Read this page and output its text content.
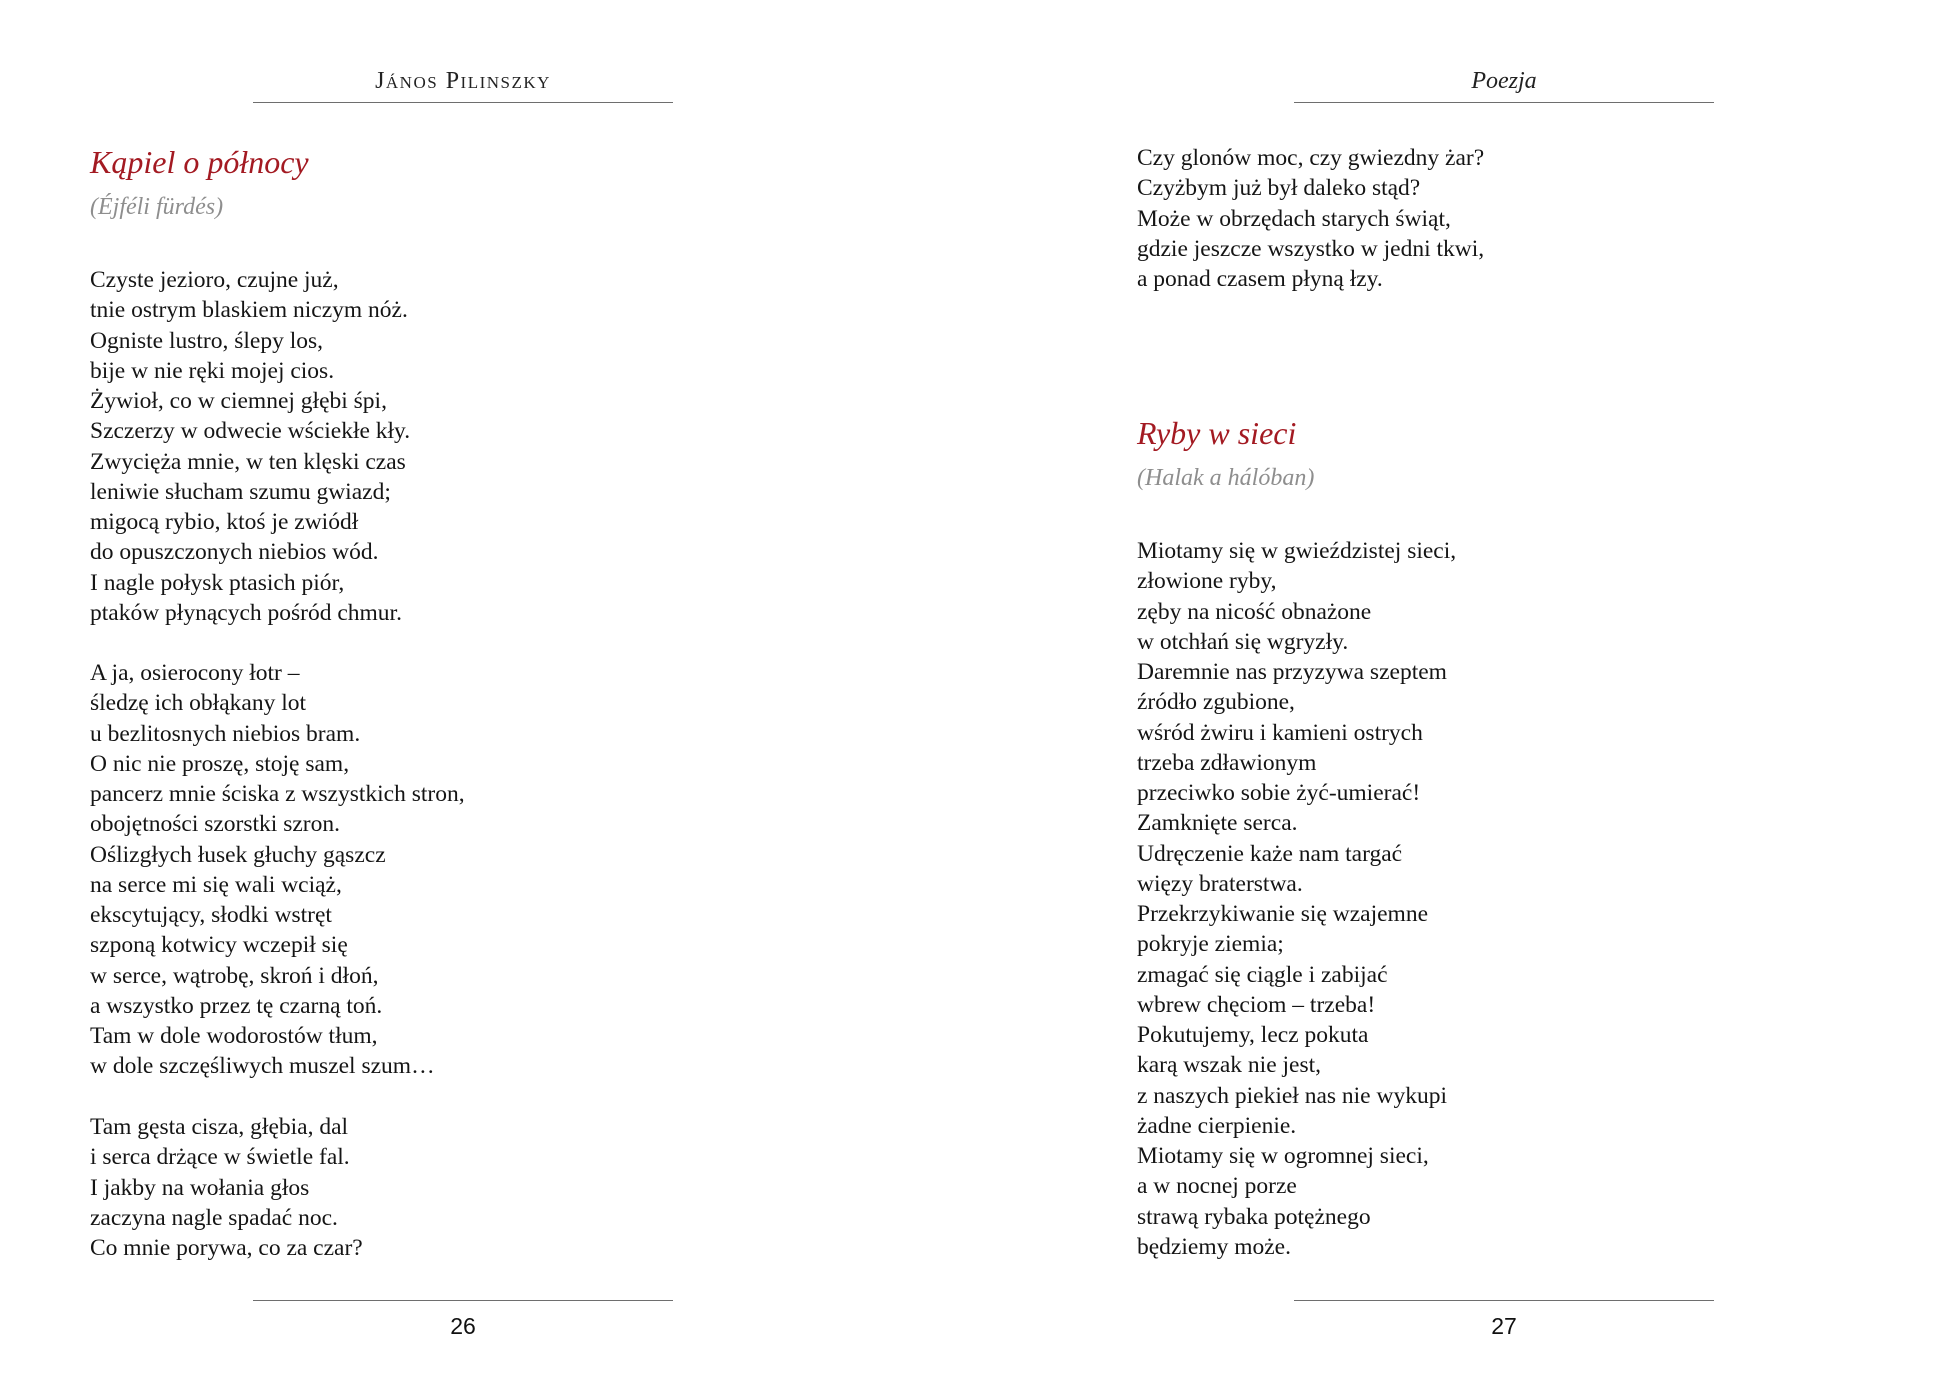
János Pilinszky
Kąpiel o północy
(Éjféli fürdés)
Czyste jezioro, czujne już,
tnie ostrym blaskiem niczym nóż.
Ogniste lustro, ślepy los,
bije w nie ręki mojej cios.
Żywioł, co w ciemnej głębi śpi,
Szczerzy w odwecie wściekłe kły.
Zwycięża mnie, w ten klęski czas
leniwie słucham szumu gwiazd;
migocą rybio, ktoś je zwiódł
do opuszczonych niebios wód.
I nagle połysk ptasich piór,
ptaków płynących pośród chmur.
A ja, osierocony łotr –
śledzę ich obłąkany lot
u bezlitosnych niebios bram.
O nic nie proszę, stoję sam,
pancerz mnie ściska z wszystkich stron,
obojętności szorstki szron.
Oślizgłych łusek głuchy gąszcz
na serce mi się wali wciąż,
ekscytujący, słodki wstręt
szponą kotwicy wczepił się
w serce, wątrobę, skroń i dłoń,
a wszystko przez tę czarną toń.
Tam w dole wodorostów tłum,
w dole szczęśliwych muszel szum…
Tam gęsta cisza, głębia, dal
i serca drżące w świetle fal.
I jakby na wołania głos
zaczyna nagle spadać noc.
Co mnie porywa, co za czar?
26
Poezja
Czy glonów moc, czy gwiezdny żar?
Czyżbym już był daleko stąd?
Może w obrzędach starych świąt,
gdzie jeszcze wszystko w jedni tkwi,
a ponad czasem płyną łzy.
Ryby w sieci
(Halak a hálóban)
Miotamy się w gwieździstej sieci,
złowione ryby,
zęby na nicość obnażone
w otchłań się wgryzły.
Daremnie nas przyzywa szeptem
źródło zgubione,
wśród żwiru i kamieni ostrych
trzeba zdławionym
przeciwko sobie żyć-umierać!
Zamknięte serca.
Udręczenie każe nam targać
więzy braterstwa.
Przekrzykiwanie się wzajemne
pokryje ziemia;
zmagać się ciągle i zabijać
wbrew chęciom – trzeba!
Pokutujemy, lecz pokuta
karą wszak nie jest,
z naszych piekieł nas nie wykupi
żadne cierpienie.
Miotamy się w ogromnej sieci,
a w nocnej porze
strawą rybaka potężnego
będziemy może.
27
